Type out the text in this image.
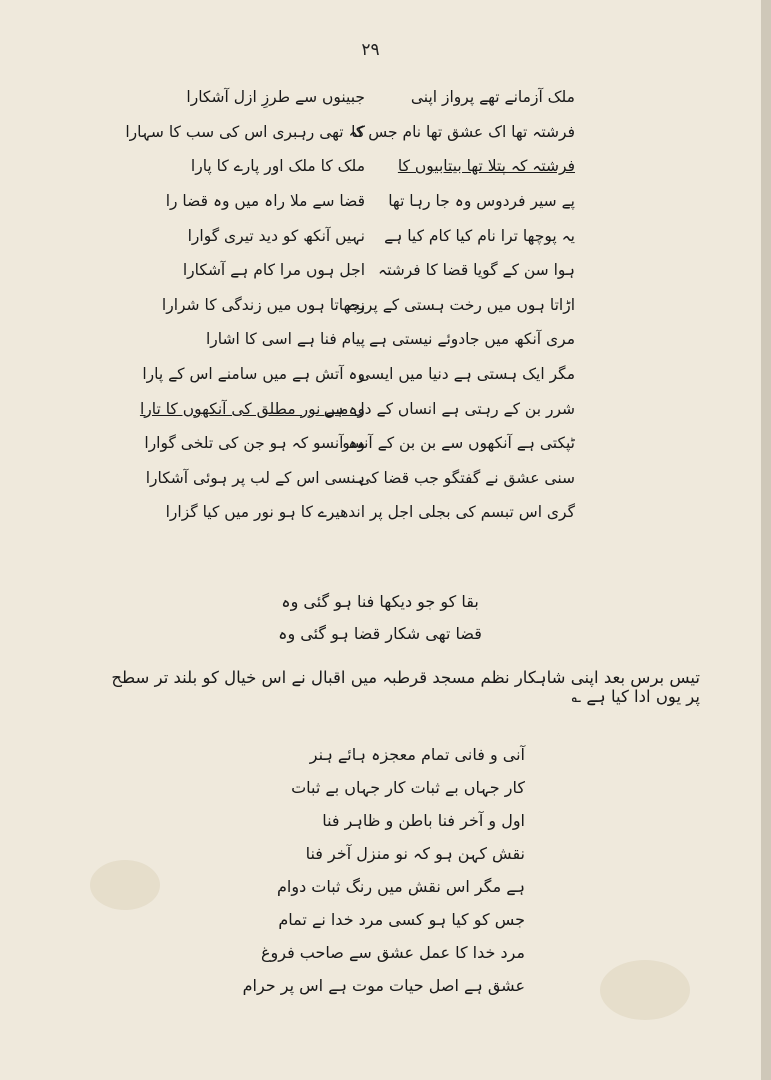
۲۹
ملک آزمانے تھے پرواز اپنی
جبینوں سے طرزِ ازل آشکارا
فرشتہ تھا اک عشق تھا نام جس کا
کہ تھی رہبری اس کی سب کا سہارا
فرشتہ کہ پتلا تھا بیتابیوں کا
ملک کا ملک اور پارے کا پارا
پے سیر فردوس وہ جا رہا تھا
قضا سے ملا راہ میں وہ قضا را
یہ پوچھا ترا نام کیا کام کیا ہے
نہیں آنکھ کو دید تیری گوارا
ہوا سن کے گویا قضا کا فرشتہ
اجل ہوں مرا کام ہے آشکارا
اڑاتا ہوں میں رخت ہستی کے پرزے
بجھاتا ہوں میں زندگی کا شرارا
مری آنکھ میں جادوئے نیستی ہے
پیام فنا ہے اسی کا اشارا
مگر ایک ہستی ہے دنیا میں ایسی
وہ آتش ہے میں سامنے اس کے پارا
شرر بن کے رہتی ہے انساں کے دل میں
وہ ہے نور مطلق کی آنکھوں کا تارا
ٹپکتی ہے آنکھوں سے بن بن کے آنسو
وہ آنسو کہ ہو جن کی تلخی گوارا
سنی عشق نے گفتگو جب قضا کی
ہنسی اس کے لب پر ہوئی آشکارا
گری اس تبسم کی بجلی اجل پر
اندھیرے کا ہو نور میں کیا گزارا
بقا کو جو دیکھا فنا ہو گئی وہ
قضا تھی شکار قضا ہو گئی وہ
تیس برس بعد اپنی شاہکار نظم مسجد قرطبہ میں اقبال نے اس خیال کو بلند تر سطح پر یوں ادا کیا ہے ؎
آنی و فانی تمام معجزہ ہائے ہنر
کار جہاں بے ثبات کار جہاں بے ثبات
اول و آخر فنا باطن و ظاہر فنا
نقش کہن ہو کہ نو منزل آخر فنا
ہے مگر اس نقش میں رنگ ثبات دوام
جس کو کیا ہو کسی مرد خدا نے تمام
مرد خدا کا عمل عشق سے صاحب فروغ
عشق ہے اصل حیات موت ہے اس پر حرام
